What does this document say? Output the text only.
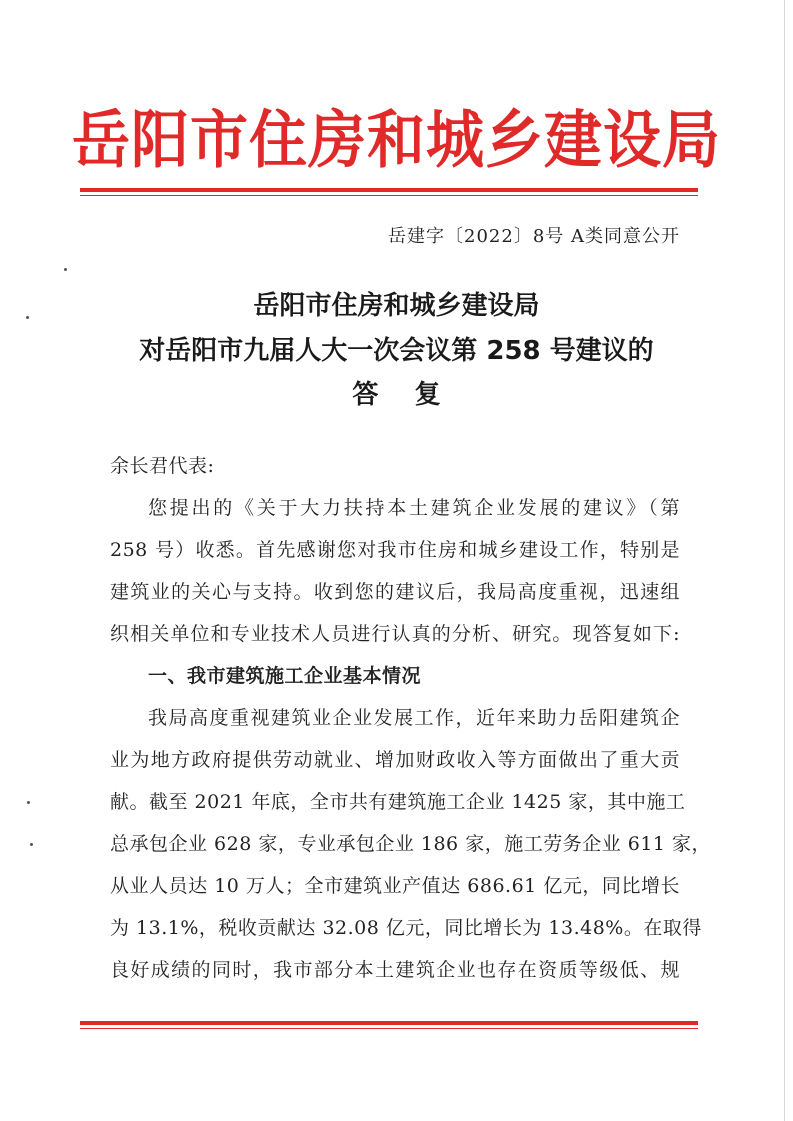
岳阳市住房和城乡建设局
岳建字〔2022〕8号 A类同意公开
岳阳市住房和城乡建设局
对岳阳市九届人大一次会议第 258 号建议的
答    复
余长君代表:
您提出的《关于大力扶持本土建筑企业发展的建议》（第
258 号）收悉。首先感谢您对我市住房和城乡建设工作，特别是
建筑业的关心与支持。收到您的建议后，我局高度重视，迅速组
织相关单位和专业技术人员进行认真的分析、研究。现答复如下:
一、我市建筑施工企业基本情况
我局高度重视建筑业企业发展工作，近年来助力岳阳建筑企
业为地方政府提供劳动就业、增加财政收入等方面做出了重大贡
献。截至 2021 年底，全市共有建筑施工企业 1425 家，其中施工
总承包企业 628 家，专业承包企业 186 家，施工劳务企业 611 家，
从业人员达 10 万人；全市建筑业产值达 686.61 亿元，同比增长
为 13.1%，税收贡献达 32.08 亿元，同比增长为 13.48%。在取得
良好成绩的同时，我市部分本土建筑企业也存在资质等级低、规
